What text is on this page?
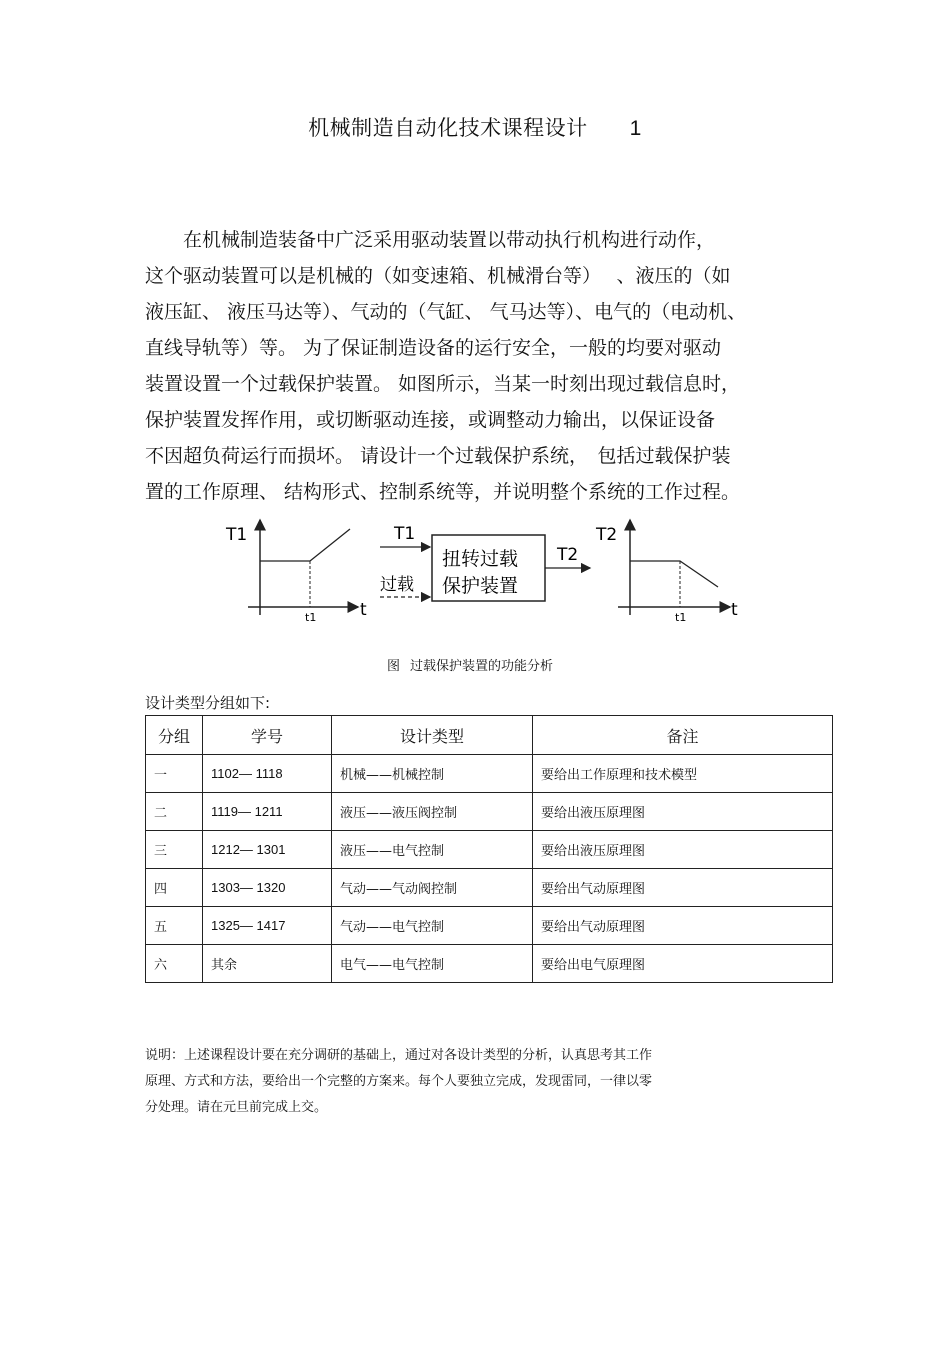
机械制造自动化技术课程设计 1
　　在机械制造装备中广泛采用驱动装置以带动执行机构进行动作，
这个驱动装置可以是机械的（如变速箱、机械滑台等）　 、液压的（如
液压缸、 液压马达等）、气动的（气缸、 气马达等）、电气的（电动机、
直线导轨等）等。 为了保证制造设备的运行安全，一般的均要对驱动
装置设置一个过载保护装置。 如图所示，当某一时刻出现过载信息时，
保护装置发挥作用，或切断驱动连接，或调整动力输出，以保证设备
不因超负荷运行而损坏。 请设计一个过载保护系统，　包括过载保护装
置的工作原理、 结构形式、控制系统等，并说明整个系统的工作过程。
T1
t
t1
T1
过载
扭转过载
保护装置
T2
T2
t
t1
图 过载保护装置的功能分析
设计类型分组如下:
分组	学号	设计类型	备注
一	1102— 1118	机械——机械控制	要给出工作原理和技术模型
二	1119— 1211	液压——液压阀控制	要给出液压原理图
三	1212— 1301	液压——电气控制	要给出液压原理图
四	1303— 1320	气动——气动阀控制	要给出气动原理图
五	1325— 1417	气动——电气控制	要给出气动原理图
六	其余	电气——电气控制	要给出电气原理图
说明：上述课程设计要在充分调研的基础上，通过对各设计类型的分析，认真思考其工作
原理、方式和方法，要给出一个完整的方案来。每个人要独立完成，发现雷同，一律以零
分处理。请在元旦前完成上交。
